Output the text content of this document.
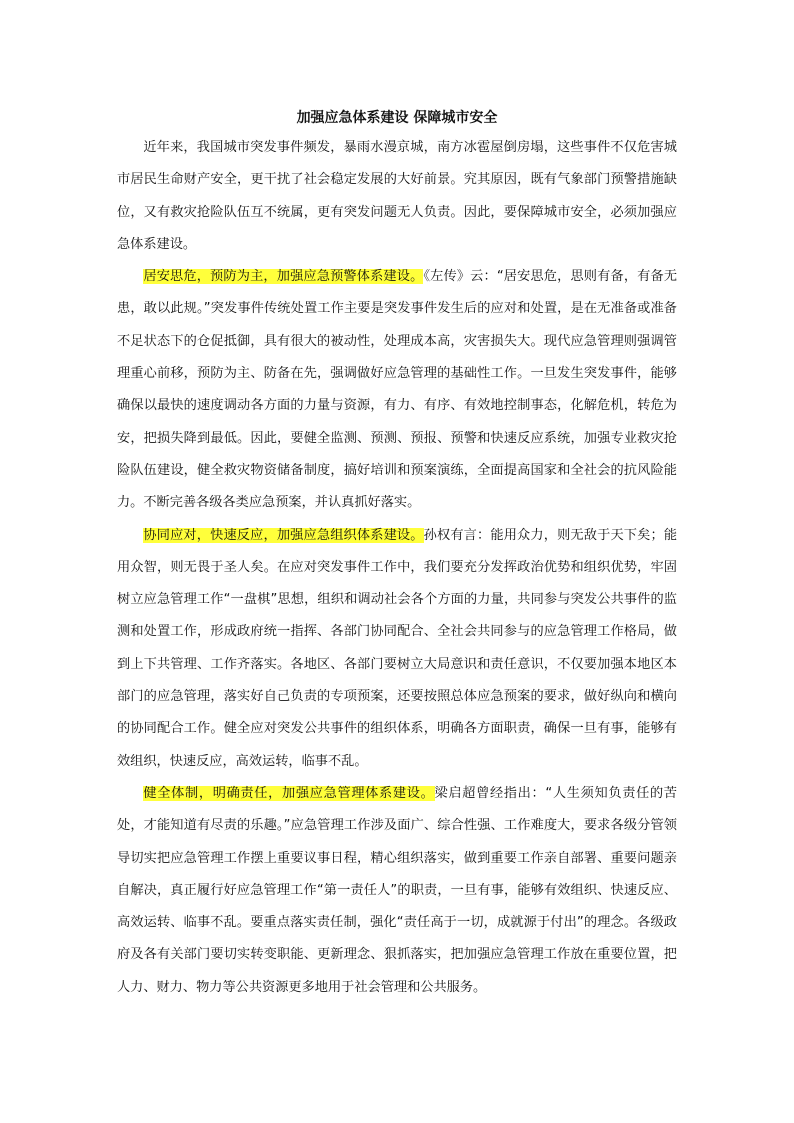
加强应急体系建设 保障城市安全

近年来，我国城市突发事件频发，暴雨水漫京城，南方冰雹屋倒房塌，这些事件不仅危害城市居民生命财产安全，更干扰了社会稳定发展的大好前景。究其原因，既有气象部门预警措施缺位，又有救灾抢险队伍互不统属，更有突发问题无人负责。因此，要保障城市安全，必须加强应急体系建设。

居安思危，预防为主，加强应急预警体系建设。《左传》云：“居安思危，思则有备，有备无患，敢以此规。”突发事件传统处置工作主要是突发事件发生后的应对和处置，是在无准备或准备不足状态下的仓促抵御，具有很大的被动性，处理成本高，灾害损失大。现代应急管理则强调管理重心前移，预防为主、防备在先，强调做好应急管理的基础性工作。一旦发生突发事件，能够确保以最快的速度调动各方面的力量与资源，有力、有序、有效地控制事态，化解危机，转危为安，把损失降到最低。因此，要健全监测、预测、预报、预警和快速反应系统，加强专业救灾抢险队伍建设，健全救灾物资储备制度，搞好培训和预案演练，全面提高国家和全社会的抗风险能力。不断完善各级各类应急预案，并认真抓好落实。

协同应对，快速反应，加强应急组织体系建设。孙权有言：能用众力，则无敌于天下矣；能用众智，则无畏于圣人矣。在应对突发事件工作中，我们要充分发挥政治优势和组织优势，牢固树立应急管理工作“一盘棋”思想，组织和调动社会各个方面的力量，共同参与突发公共事件的监测和处置工作，形成政府统一指挥、各部门协同配合、全社会共同参与的应急管理工作格局，做到上下共管理、工作齐落实。各地区、各部门要树立大局意识和责任意识，不仅要加强本地区本部门的应急管理，落实好自己负责的专项预案，还要按照总体应急预案的要求，做好纵向和横向的协同配合工作。健全应对突发公共事件的组织体系，明确各方面职责，确保一旦有事，能够有效组织，快速反应，高效运转，临事不乱。

健全体制，明确责任，加强应急管理体系建设。梁启超曾经指出：“人生须知负责任的苦处，才能知道有尽责的乐趣。”应急管理工作涉及面广、综合性强、工作难度大，要求各级分管领导切实把应急管理工作摆上重要议事日程，精心组织落实，做到重要工作亲自部署、重要问题亲自解决，真正履行好应急管理工作“第一责任人”的职责，一旦有事，能够有效组织、快速反应、高效运转、临事不乱。要重点落实责任制，强化“责任高于一切，成就源于付出”的理念。各级政府及各有关部门要切实转变职能、更新理念、狠抓落实，把加强应急管理工作放在重要位置，把人力、财力、物力等公共资源更多地用于社会管理和公共服务。
